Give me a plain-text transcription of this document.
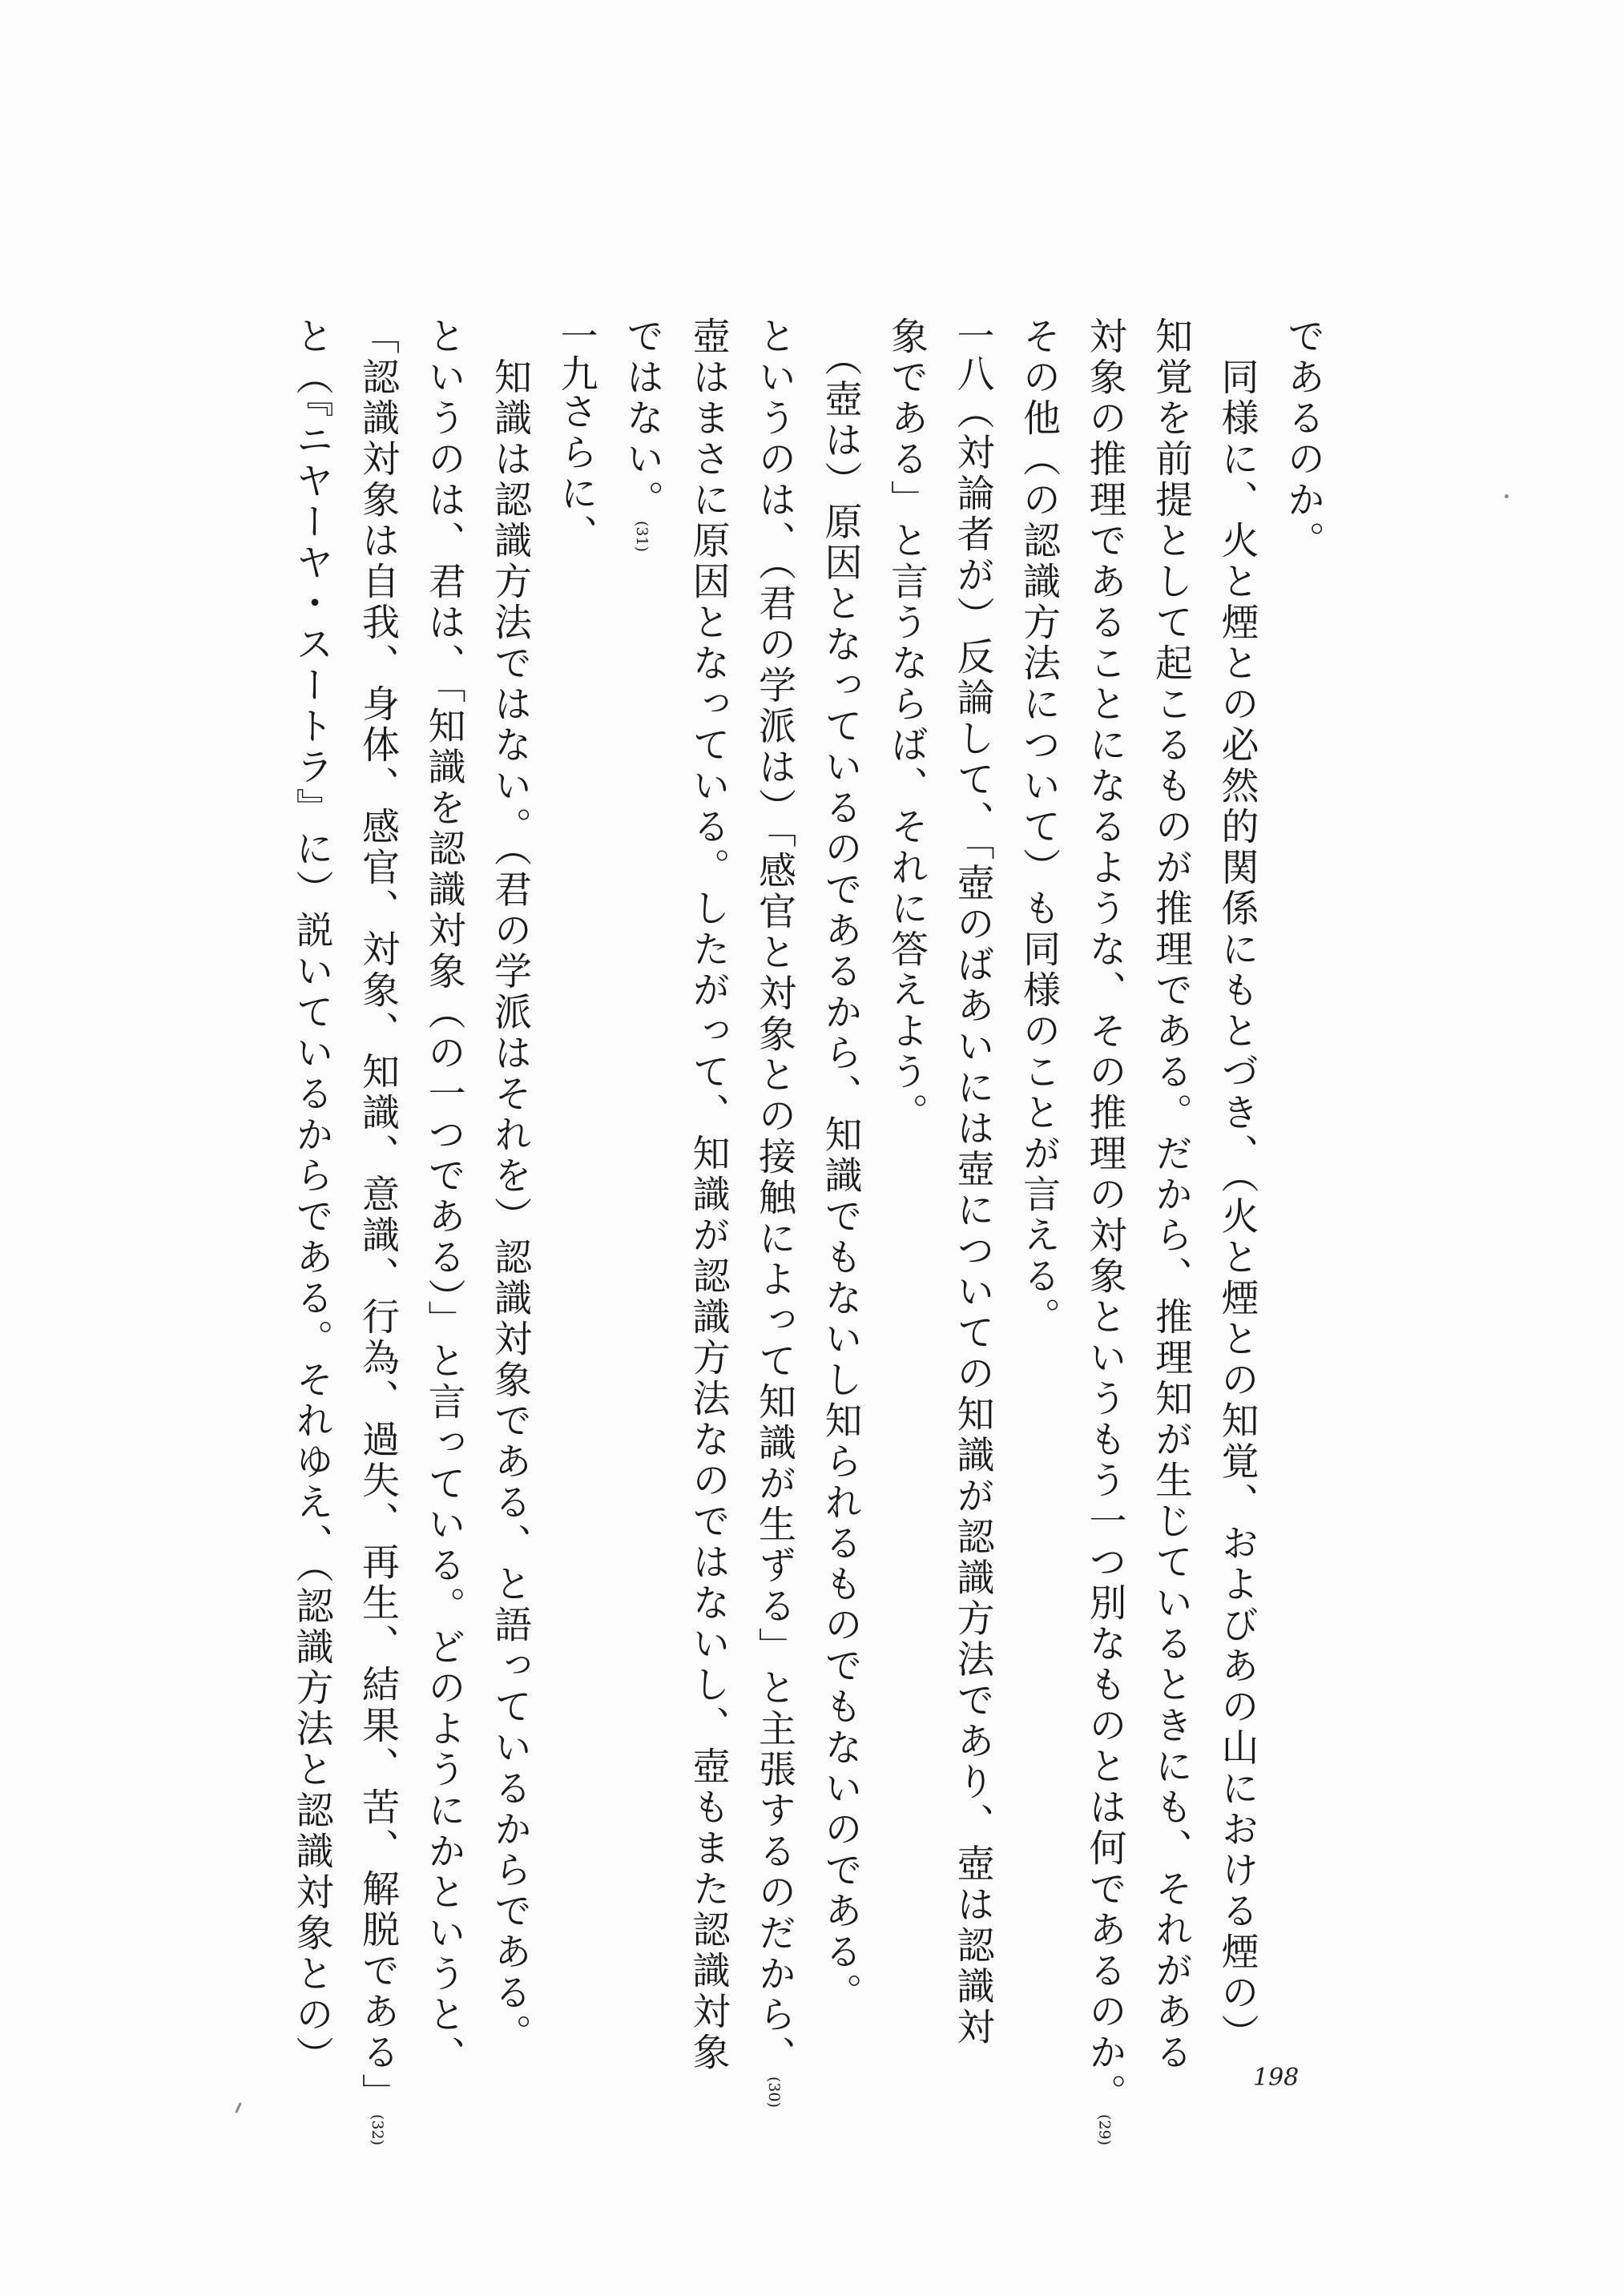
であるのか。

　同様に、火と煙との必然的関係にもとづき、（火と煙との知覚、およびあの山における煙の）

知覚を前提として起こるものが推理である。だから、推理知が生じているときにも、それがある

対象の推理であることになるような、その推理の対象というもう一つ別なものとは何であるのか。$^{(29)}$

その他（の認識方法について）も同様のことが言える。

一八（対論者が）反論して、「壺のばあいには壺についての知識が認識方法であり、壺は認識対

象である」と言うならば、それに答えよう。

　（壺は）原因となっているのであるから、知識でもないし知られるものでもないのである。

というのは、（君の学派は）「感官と対象との接触によって知識が生ずる」と主張するのだから、$^{(30)}$

壺はまさに原因となっている。したがって、知識が認識方法なのではないし、壺もまた認識対象

ではない。$^{(31)}$

一九さらに、

　知識は認識方法ではない。（君の学派はそれを）認識対象である、と語っているからである。

というのは、君は、「知識を認識対象（の一つである）」と言っている。どのようにかというと、

「認識対象は自我、身体、感官、対象、知識、意識、行為、過失、再生、結果、苦、解脱である」$^{(32)}$

と（『ニヤーヤ・スートラ』に）説いているからである。それゆえ、（認識方法と認識対象との）

198
